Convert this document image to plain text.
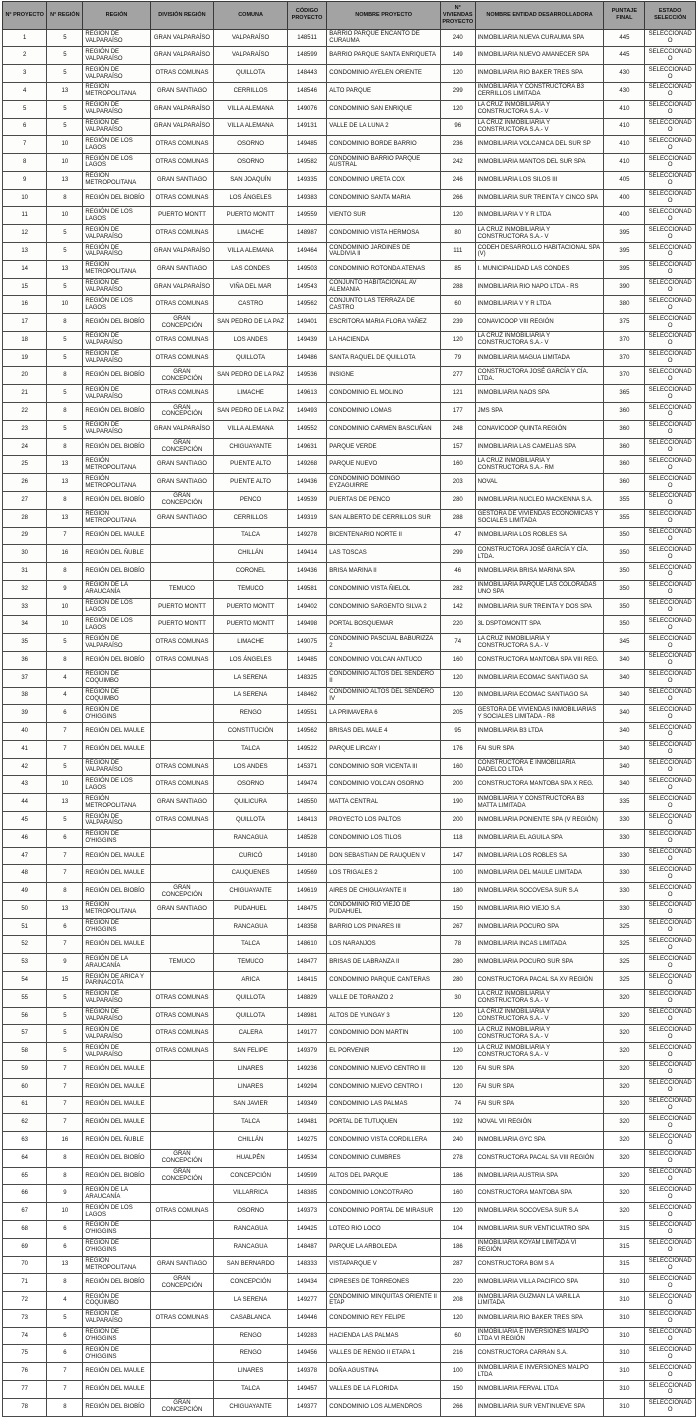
N° PROYECTO	N° REGIÓN	REGIÓN	DIVISIÓN REGIÓN	COMUNA	CÓDIGO PROYECTO	NOMBRE PROYECTO	N° VIVIENDAS PROYECTO	NOMBRE ENTIDAD DESARROLLADORA	PUNTAJE FINAL	ESTADO SELECCIÓN
1	5	REGIÓN DE VALPARAÍSO	GRAN VALPARAÍSO	VALPARAÍSO	148511	BARRIO PARQUE ENCANTO DE CURAUMA	240	INMOBILIARIA NUEVA CURAUMA SPA	445	SELECCIONADO
2	5	REGIÓN DE VALPARAÍSO	GRAN VALPARAÍSO	VALPARAÍSO	148599	BARRIO PARQUE SANTA ENRIQUETA	149	INMOBILIARIA NUEVO AMANECER SPA	445	SELECCIONADO
3	5	REGIÓN DE VALPARAÍSO	OTRAS COMUNAS	QUILLOTA	148443	CONDOMINIO AYELEN ORIENTE	120	INMOBILIARIA RIO BAKER TRES SPA	430	SELECCIONADO
4	13	REGIÓN METROPOLITANA	GRAN SANTIAGO	CERRILLOS	148546	ALTO PARQUE	299	INMOBILIARIA Y CONSTRUCTORA B3 CERRILLOS LIMITADA	430	SELECCIONADO
5	5	REGIÓN DE VALPARAÍSO	GRAN VALPARAÍSO	VILLA ALEMANA	149076	CONDOMINIO SAN ENRIQUE	120	LA CRUZ INMOBILIARIA Y CONSTRUCTORA S.A.- V	410	SELECCIONADO
6	5	REGIÓN DE VALPARAÍSO	GRAN VALPARAÍSO	VILLA ALEMANA	149131	VALLE DE LA LUNA 2	96	LA CRUZ INMOBILIARIA Y CONSTRUCTORA S.A.- V	410	SELECCIONADO
7	10	REGIÓN DE LOS LAGOS	OTRAS COMUNAS	OSORNO	149485	CONDOMINIO BORDE BARRIO	236	INMOBILIARIA VOLCANICA DEL SUR SP	410	SELECCIONADO
8	10	REGIÓN DE LOS LAGOS	OTRAS COMUNAS	OSORNO	149582	CONDOMINIO BARRIO PARQUE AUSTRAL	242	INMOBILIARIA MANTOS DEL SUR SPA	410	SELECCIONADO
9	13	REGIÓN METROPOLITANA	GRAN SANTIAGO	SAN JOAQUÍN	149335	CONDOMINIO URETA COX	246	INMOBILIARIA LOS SILOS III	405	SELECCIONADO
10	8	REGIÓN DEL BIOBÍO	OTRAS COMUNAS	LOS ÁNGELES	149383	CONDOMINIO SANTA MARIA	266	INMOBILIARIA SUR TREINTA Y CINCO SPA	400	SELECCIONADO
11	10	REGIÓN DE LOS LAGOS	PUERTO MONTT	PUERTO MONTT	149559	VIENTO SUR	120	INMOBILIARIA V Y R LTDA	400	SELECCIONADO
12	5	REGIÓN DE VALPARAÍSO	OTRAS COMUNAS	LIMACHE	148987	CONDOMINIO VISTA HERMOSA	80	LA CRUZ INMOBILIARIA Y CONSTRUCTORA S.A.- V	395	SELECCIONADO
13	5	REGIÓN DE VALPARAÍSO	GRAN VALPARAÍSO	VILLA ALEMANA	149464	CONDOMINIO JARDINES DE VALDIVIA II	111	CODEH DESARROLLO HABITACIONAL SPA (V)	395	SELECCIONADO
14	13	REGIÓN METROPOLITANA	GRAN SANTIAGO	LAS CONDES	149503	CONDOMINIO ROTONDA ATENAS	85	I. MUNICIPALIDAD LAS CONDES	395	SELECCIONADO
15	5	REGIÓN DE VALPARAÍSO	GRAN VALPARAÍSO	VIÑA DEL MAR	149543	CONJUNTO HABITACIONAL AV ALEMANIA	288	INMOBILIARIA RIO NAPO LTDA - RS	390	SELECCIONADO
16	10	REGIÓN DE LOS LAGOS	OTRAS COMUNAS	CASTRO	149562	CONJUNTO LAS TERRAZA DE CASTRO	60	INMOBILIARIA V Y R LTDA	380	SELECCIONADO
17	8	REGIÓN DEL BIOBÍO	GRAN CONCEPCIÓN	SAN PEDRO DE LA PAZ	149401	ESCRITORA MARIA FLORA YAÑEZ	239	CONAVICOOP VIII REGIÓN	375	SELECCIONADO
18	5	REGIÓN DE VALPARAÍSO	OTRAS COMUNAS	LOS ANDES	149439	LA HACIENDA	120	LA CRUZ INMOBILIARIA Y CONSTRUCTORA S.A.- V	370	SELECCIONADO
19	5	REGIÓN DE VALPARAÍSO	OTRAS COMUNAS	QUILLOTA	149486	SANTA RAQUEL DE QUILLOTA	79	INMOBILIARIA MAGUA LIMITADA	370	SELECCIONADO
20	8	REGIÓN DEL BIOBÍO	GRAN CONCEPCIÓN	SAN PEDRO DE LA PAZ	149536	INSIGNE	277	CONSTRUCTORA JOSÉ GARCÍA Y CÍA. LTDA.	370	SELECCIONADO
21	5	REGIÓN DE VALPARAÍSO	OTRAS COMUNAS	LIMACHE	149613	CONDOMINIO EL MOLINO	121	INMOBILIARIA NAOS SPA	365	SELECCIONADO
22	8	REGIÓN DEL BIOBÍO	GRAN CONCEPCIÓN	SAN PEDRO DE LA PAZ	149493	CONDOMINIO LOMAS	177	JMS SPA	360	SELECCIONADO
23	5	REGIÓN DE VALPARAÍSO	GRAN VALPARAÍSO	VILLA ALEMANA	149552	CONDOMINIO CARMEN BASCUÑAN	248	CONAVICOOP QUINTA REGIÓN	360	SELECCIONADO
24	8	REGIÓN DEL BIOBÍO	GRAN CONCEPCIÓN	CHIGUAYANTE	149631	PARQUE VERDE	157	INMOBILIARIA LAS CAMELIAS SPA	360	SELECCIONADO
25	13	REGIÓN METROPOLITANA	GRAN SANTIAGO	PUENTE ALTO	149268	PARQUE NUEVO	160	LA CRUZ INMOBILIARIA Y CONSTRUCTORA S.A.- RM	360	SELECCIONADO
26	13	REGIÓN METROPOLITANA	GRAN SANTIAGO	PUENTE ALTO	149436	CONDOMINIO DOMINGO EYZAGUIRRE	203	NOVAL	360	SELECCIONADO
27	8	REGIÓN DEL BIOBÍO	GRAN CONCEPCIÓN	PENCO	149539	PUERTAS DE PENCO	280	INMOBILIARIA NUCLEO MACKENNA S.A.	355	SELECCIONADO
28	13	REGIÓN METROPOLITANA	GRAN SANTIAGO	CERRILLOS	149319	SAN ALBERTO DE CERRILLOS SUR	288	GESTORA DE VIVIENDAS ECONOMICAS Y SOCIALES LIMITADA	355	SELECCIONADO
29	7	REGIÓN DEL MAULE		TALCA	149278	BICENTENARIO NORTE II	47	INMOBILIARIA LOS ROBLES SA	350	SELECCIONADO
30	16	REGIÓN DEL ÑUBLE		CHILLÁN	149414	LAS TOSCAS	299	CONSTRUCTORA JOSÉ GARCÍA Y CÍA. LTDA.	350	SELECCIONADO
31	8	REGIÓN DEL BIOBÍO		CORONEL	149436	BRISA MARINA II	46	INMOBILIARIA BRISA MARINA SPA	350	SELECCIONADO
32	9	REGIÓN DE LA ARAUCANÍA	TEMUCO	TEMUCO	149581	CONDOMINIO VISTA ÑIELOL	282	INMOBILIARIA PARQUE LAS COLORADAS UNO SPA	350	SELECCIONADO
33	10	REGIÓN DE LOS LAGOS	PUERTO MONTT	PUERTO MONTT	149402	CONDOMINIO SARGENTO SILVA 2	142	INMOBILIARIA SUR TREINTA Y DOS SPA	350	SELECCIONADO
34	10	REGIÓN DE LOS LAGOS	PUERTO MONTT	PUERTO MONTT	149498	PORTAL BOSQUEMAR	220	3L DSPTOMONTT SPA	350	SELECCIONADO
35	5	REGIÓN DE VALPARAÍSO	OTRAS COMUNAS	LIMACHE	149075	CONDOMINIO PASCUAL BABURIZZA 2	74	LA CRUZ INMOBILIARIA Y CONSTRUCTORA S.A.- V	345	SELECCIONADO
36	8	REGIÓN DEL BIOBÍO	OTRAS COMUNAS	LOS ÁNGELES	149485	CONDOMINIO VOLCAN ANTUCO	160	CONSTRUCTORA MANTOBA SPA VIII REG.	340	SELECCIONADO
37	4	REGIÓN DE COQUIMBO		LA SERENA	148325	CONDOMINIO ALTOS DEL SENDERO II	120	INMOBILIARIA ECOMAC SANTIAGO SA	340	SELECCIONADO
38	4	REGIÓN DE COQUIMBO		LA SERENA	148462	CONDOMINIO ALTOS DEL SENDERO IV	120	INMOBILIARIA ECOMAC SANTIAGO SA	340	SELECCIONADO
39	6	REGIÓN DE O'HIGGINS		RENGO	149551	LA PRIMAVERA 6	205	GESTORA DE VIVIENDAS INMOBILIARIAS Y SOCIALES LIMITADA - R8	340	SELECCIONADO
40	7	REGIÓN DEL MAULE		CONSTITUCIÓN	149562	BRISAS DEL MALE 4	95	INMOBILIARIA B3 LTDA	340	SELECCIONADO
41	7	REGIÓN DEL MAULE		TALCA	149522	PARQUE LIRCAY I	176	FAI SUR SPA	340	SELECCIONADO
42	5	REGIÓN DE VALPARAÍSO	OTRAS COMUNAS	LOS ANDES	145371	CONDOMINIO SOR VICENTA III	160	CONSTRUCTORA E INMOBILIARIA DADELCO LTDA	340	SELECCIONADO
43	10	REGIÓN DE LOS LAGOS	OTRAS COMUNAS	OSORNO	149474	CONDOMINIO VOLCAN OSORNO	200	CONSTRUCTORA MANTOBA SPA X REG.	340	SELECCIONADO
44	13	REGIÓN METROPOLITANA	GRAN SANTIAGO	QUILICURA	148550	MATTA CENTRAL	190	INMOBILIARIA Y CONSTRUCTORA B3 MATTA LIMITADA	335	SELECCIONADO
45	5	REGIÓN DE VALPARAÍSO	OTRAS COMUNAS	QUILLOTA	148413	PROYECTO LOS PALTOS	200	INMOBILIARIA PONIENTE SPA (V REGIÓN)	330	SELECCIONADO
46	6	REGIÓN DE O'HIGGINS		RANCAGUA	148528	CONDOMINIO LOS TILOS	118	INMOBILIARIA EL AGUILA SPA	330	SELECCIONADO
47	7	REGIÓN DEL MAULE		CURICÓ	149180	DON SEBASTIAN DE RAUQUEN V	147	INMOBILIARIA LOS ROBLES SA	330	SELECCIONADO
48	7	REGIÓN DEL MAULE		CAUQUENES	149569	LOS TRIGALES 2	100	INMOBILIARIA DEL MAULE LIMITADA	330	SELECCIONADO
49	8	REGIÓN DEL BIOBÍO	GRAN CONCEPCIÓN	CHIGUAYANTE	149619	AIRES DE CHIGUAYANTE II	180	INMOBILIARIA SOCOVESA SUR S.A	330	SELECCIONADO
50	13	REGIÓN METROPOLITANA	GRAN SANTIAGO	PUDAHUEL	148475	CONDOMINIO RIO VIEJO DE PUDAHUEL	150	INMOBILIARIA RIO VIEJO S.A	330	SELECCIONADO
51	6	REGIÓN DE O'HIGGINS		RANCAGUA	148358	BARRIO LOS PINARES III	267	INMOBILIARIA POCURO SPA	325	SELECCIONADO
52	7	REGIÓN DEL MAULE		TALCA	148610	LOS NARANJOS	78	INMOBILIARIA INCAS LIMITADA	325	SELECCIONADO
53	9	REGIÓN DE LA ARAUCANÍA	TEMUCO	TEMUCO	148477	BRISAS DE LABRANZA II	280	INMOBILIARIA POCURO SUR SPA	325	SELECCIONADO
54	15	REGIÓN DE ARICA Y PARINACOTA		ARICA	148415	CONDOMINIO PARQUE CANTERAS	280	CONSTRUCTORA PACAL SA XV REGIÓN	325	SELECCIONADO
55	5	REGIÓN DE VALPARAÍSO	OTRAS COMUNAS	QUILLOTA	148829	VALLE DE TORANZO 2	30	LA CRUZ INMOBILIARIA Y CONSTRUCTORA S.A.- V	320	SELECCIONADO
56	5	REGIÓN DE VALPARAÍSO	OTRAS COMUNAS	QUILLOTA	148981	ALTOS DE YUNGAY 3	120	LA CRUZ INMOBILIARIA Y CONSTRUCTORA S.A.- V	320	SELECCIONADO
57	5	REGIÓN DE VALPARAÍSO	OTRAS COMUNAS	CALERA	149177	CONDOMINIO DON MARTIN	100	LA CRUZ INMOBILIARIA Y CONSTRUCTORA S.A.- V	320	SELECCIONADO
58	5	REGIÓN DE VALPARAÍSO	OTRAS COMUNAS	SAN FELIPE	149379	EL PORVENIR	120	LA CRUZ INMOBILIARIA Y CONSTRUCTORA S.A.- V	320	SELECCIONADO
59	7	REGIÓN DEL MAULE		LINARES	149236	CONDOMINIO NUEVO CENTRO III	120	FAI SUR SPA	320	SELECCIONADO
60	7	REGIÓN DEL MAULE		LINARES	149294	CONDOMINIO NUEVO CENTRO I	120	FAI SUR SPA	320	SELECCIONADO
61	7	REGIÓN DEL MAULE		SAN JAVIER	149349	CONDOMINIO LAS PALMAS	74	FAI SUR SPA	320	SELECCIONADO
62	7	REGIÓN DEL MAULE		TALCA	149481	PORTAL DE TUTUQUEN	192	NOVAL VII REGIÓN	320	SELECCIONADO
63	16	REGIÓN DEL ÑUBLE		CHILLÁN	149275	CONDOMINIO VISTA CORDILLERA	240	INMOBILIARIA GYC SPA	320	SELECCIONADO
64	8	REGIÓN DEL BIOBÍO	GRAN CONCEPCIÓN	HUALPÉN	149534	CONDOMINIO CUMBRES	278	CONSTRUCTORA PACAL SA VIII REGIÓN	320	SELECCIONADO
65	8	REGIÓN DEL BIOBÍO	GRAN CONCEPCIÓN	CONCEPCIÓN	149599	ALTOS DEL PARQUE	186	INMOBILIARIA AUSTRIA SPA	320	SELECCIONADO
66	9	REGIÓN DE LA ARAUCANÍA		VILLARRICA	148385	CONDOMINIO LONCOTRARO	160	CONSTRUCTORA MANTOBA SPA	320	SELECCIONADO
67	10	REGIÓN DE LOS LAGOS	OTRAS COMUNAS	OSORNO	149373	CONDOMINIO PORTAL DE MIRASUR	120	INMOBILIARIA SOCOVESA SUR S.A	320	SELECCIONADO
68	6	REGIÓN DE O'HIGGINS		RANCAGUA	149425	LOTEO RIO LOCO	104	INMOBILIARIA SUR VENTICUATRO SPA	315	SELECCIONADO
69	6	REGIÓN DE O'HIGGINS		RANCAGUA	148487	PARQUE LA ARBOLEDA	186	INMOBILIARIA KOYAM LIMITADA VI REGIÓN	315	SELECCIONADO
70	13	REGIÓN METROPOLITANA	GRAN SANTIAGO	SAN BERNARDO	148333	VISTAPARQUE V	287	CONSTRUCTORA BGM S A	315	SELECCIONADO
71	8	REGIÓN DEL BIOBÍO	GRAN CONCEPCIÓN	CONCEPCIÓN	149434	CIPRESES DE TORREONES	220	INMOBILIARIA VILLA PACIFICO SPA	310	SELECCIONADO
72	4	REGIÓN DE COQUIMBO		LA SERENA	149277	CONDOMINIO MINQUITAS ORIENTE II ETAP	208	INMOBILIARIA GUZMAN LA VARILLA LIMITADA	310	SELECCIONADO
73	5	REGIÓN DE VALPARAÍSO	OTRAS COMUNAS	CASABLANCA	149446	CONDOMINIO REY FELIPE	120	INMOBILIARIA RIO BAKER TRES SPA	310	SELECCIONADO
74	6	REGIÓN DE O'HIGGINS		RENGO	149283	HACIENDA LAS PALMAS	60	INMOBILIARIA E INVERSIONES MALPO LTDA VI REGIÓN	310	SELECCIONADO
75	6	REGIÓN DE O'HIGGINS		RENGO	149456	VALLES DE RENGO II ETAPA 1	216	CONSTRUCTORA CARRAN S.A.	310	SELECCIONADO
76	7	REGIÓN DEL MAULE		LINARES	149378	DOÑA AGUSTINA	100	INMOBILIARIA E INVERSIONES MALPO LTDA	310	SELECCIONADO
77	7	REGIÓN DEL MAULE		TALCA	149457	VALLES DE LA FLORIDA	150	INMOBILIARIA FERVAL LTDA	310	SELECCIONADO
78	8	REGIÓN DEL BIOBÍO	GRAN CONCEPCIÓN	CHIGUAYANTE	149377	CONDOMINIO LOS ALMENDROS	266	INMOBILIARIA SUR VENTINUEVE SPA	310	SELECCIONADO
